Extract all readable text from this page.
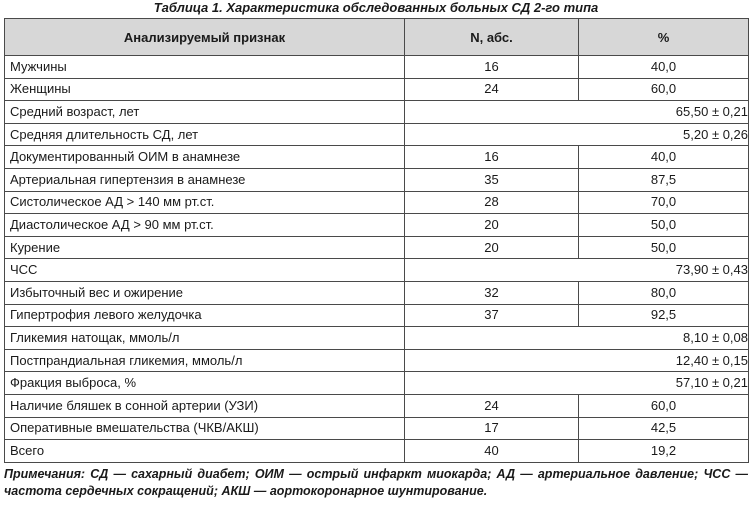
Таблица 1. Характеристика обследованных больных СД 2-го типа
Анализируемый признак	N, абс.	%
Мужчины	16	40,0
Женщины	24	60,0
Средний возраст, лет	65,50 ± 0,21	
Средняя длительность СД, лет	5,20 ± 0,26	
Документированный ОИМ в анамнезе	16	40,0
Артериальная гипертензия в анамнезе	35	87,5
Систолическое АД > 140 мм рт.ст.	28	70,0
Диастолическое АД > 90 мм рт.ст.	20	50,0
Курение	20	50,0
ЧСС	73,90 ± 0,43	
Избыточный вес и ожирение	32	80,0
Гипертрофия левого желудочка	37	92,5
Гликемия натощак, ммоль/л	8,10 ± 0,08	
Постпрандиальная гликемия, ммоль/л	12,40 ± 0,15	
Фракция выброса, %	57,10 ± 0,21	
Наличие бляшек в сонной артерии (УЗИ)	24	60,0
Оперативные вмешательства (ЧКВ/АКШ)	17	42,5
Всего	40	19,2
Примечания: СД — сахарный диабет; ОИМ — острый инфаркт миокарда; АД — артериальное давление; ЧСС — частота сердечных сокращений; АКШ — аортокоронарное шунтирование.
